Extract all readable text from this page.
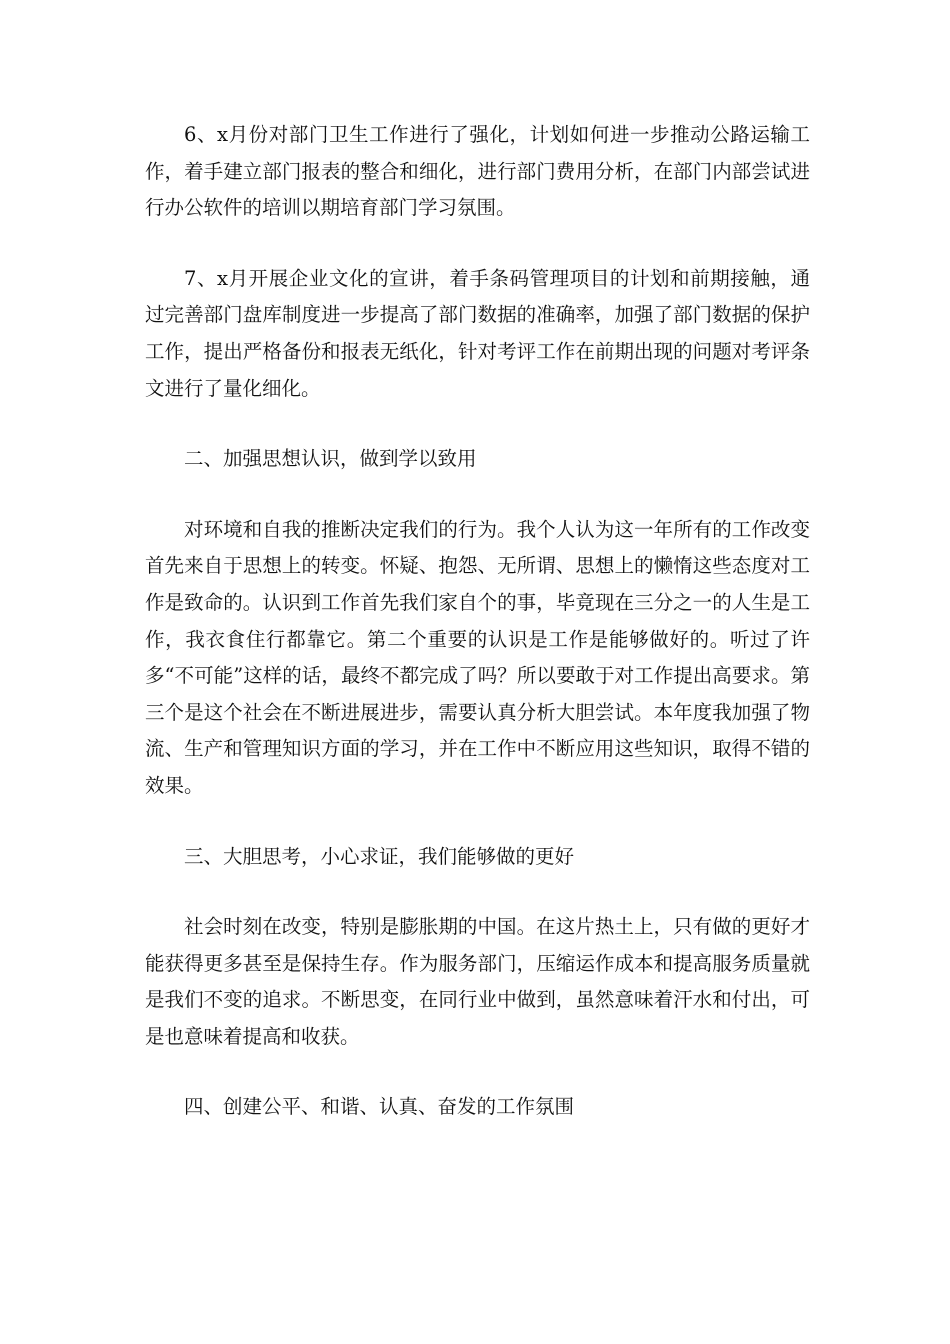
6、x月份对部门卫生工作进行了强化，计划如何进一步推动公路运输工作，着手建立部门报表的整合和细化，进行部门费用分析，在部门内部尝试进行办公软件的培训以期培育部门学习氛围。

7、x月开展企业文化的宣讲，着手条码管理项目的计划和前期接触，通过完善部门盘库制度进一步提高了部门数据的准确率，加强了部门数据的保护工作，提出严格备份和报表无纸化，针对考评工作在前期出现的问题对考评条文进行了量化细化。

二、加强思想认识，做到学以致用

对环境和自我的推断决定我们的行为。我个人认为这一年所有的工作改变首先来自于思想上的转变。怀疑、抱怨、无所谓、思想上的懒惰这些态度对工作是致命的。认识到工作首先我们家自个的事，毕竟现在三分之一的人生是工作，我衣食住行都靠它。第二个重要的认识是工作是能够做好的。听过了许多“不可能”这样的话，最终不都完成了吗？所以要敢于对工作提出高要求。第三个是这个社会在不断进展进步，需要认真分析大胆尝试。本年度我加强了物流、生产和管理知识方面的学习，并在工作中不断应用这些知识，取得不错的效果。

三、大胆思考，小心求证，我们能够做的更好

社会时刻在改变，特别是膨胀期的中国。在这片热土上，只有做的更好才能获得更多甚至是保持生存。作为服务部门，压缩运作成本和提高服务质量就是我们不变的追求。不断思变，在同行业中做到，虽然意味着汗水和付出，可是也意味着提高和收获。

四、创建公平、和谐、认真、奋发的工作氛围
